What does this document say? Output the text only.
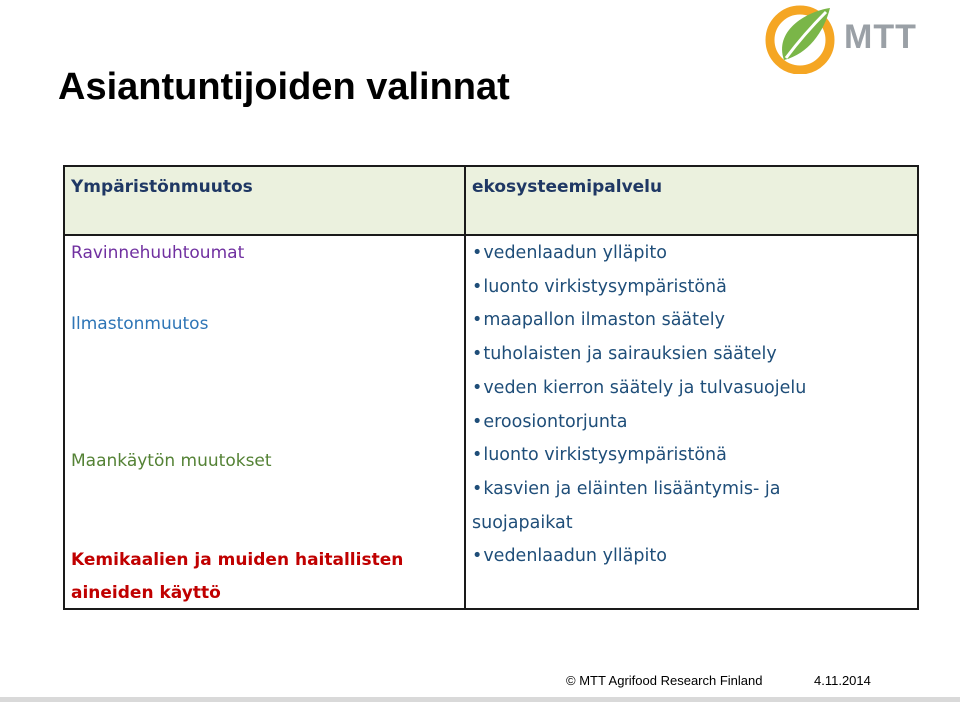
MTT
Asiantuntijoiden valinnat
Ympäristönmuutos	ekosysteemipalvelu
Ravinnehuuhtoumat
Ilmastonmuutos
Maankäytön muutokset
Kemikaalien ja muiden haitallisten
aineiden käyttö
• vedenlaadun ylläpito
• luonto virkistysympäristönä
• maapallon ilmaston säätely
• tuholaisten ja sairauksien säätely
• veden kierron säätely ja tulvasuojelu
• eroosiontorjunta
• luonto virkistysympäristönä
• kasvien ja eläinten lisääntymis- ja
suojapaikat
• vedenlaadun ylläpito
© MTT Agrifood Research Finland	4.11.2014
